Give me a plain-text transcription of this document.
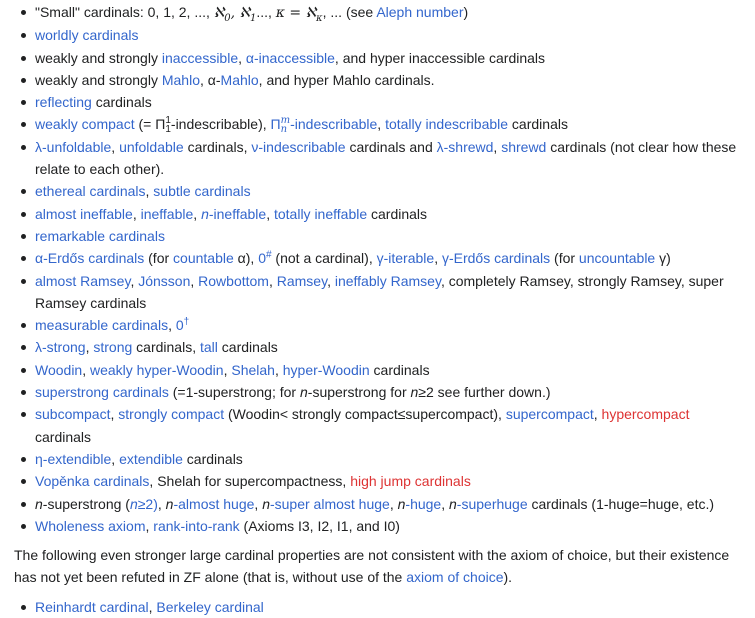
"Small" cardinals: 0, 1, 2, ..., ℵ$_0$, ℵ$_1$..., κ = ℵ$_\kappa$, ... (see Aleph number)
worldly cardinals
weakly and strongly inaccessible, α-inaccessible, and hyper inaccessible cardinals
weakly and strongly Mahlo, α-Mahlo, and hyper Mahlo cardinals.
reflecting cardinals
weakly compact (= Π 1
1 -indescribable), Π m
n -indescribable, totally indescribable cardinals
λ-unfoldable, unfoldable cardinals, ν-indescribable cardinals and λ-shrewd, shrewd cardinals (not clear how these relate to each other).
ethereal cardinals, subtle cardinals
almost ineffable, ineffable, n-ineffable, totally ineffable cardinals
remarkable cardinals
α-Erdős cardinals (for countable α), 0# (not a cardinal), γ-iterable, γ-Erdős cardinals (for uncountable γ)
almost Ramsey, Jónsson, Rowbottom, Ramsey, ineffably Ramsey, completely Ramsey, strongly Ramsey, super Ramsey cardinals
measurable cardinals, 0†
λ-strong, strong cardinals, tall cardinals
Woodin, weakly hyper-Woodin, Shelah, hyper-Woodin cardinals
superstrong cardinals (=1-superstrong; for n-superstrong for n≥2 see further down.)
subcompact, strongly compact (Woodin< strongly compact≤supercompact), supercompact, hypercompact cardinals
η-extendible, extendible cardinals
Vopěnka cardinals, Shelah for supercompactness, high jump cardinals
n-superstrong (n≥2), n-almost huge, n-super almost huge, n-huge, n-superhuge cardinals (1-huge=huge, etc.)
Wholeness axiom, rank-into-rank (Axioms I3, I2, I1, and I0)

The following even stronger large cardinal properties are not consistent with the axiom of choice, but their existence has not yet been refuted in ZF alone (that is, without use of the axiom of choice).

Reinhardt cardinal, Berkeley cardinal
